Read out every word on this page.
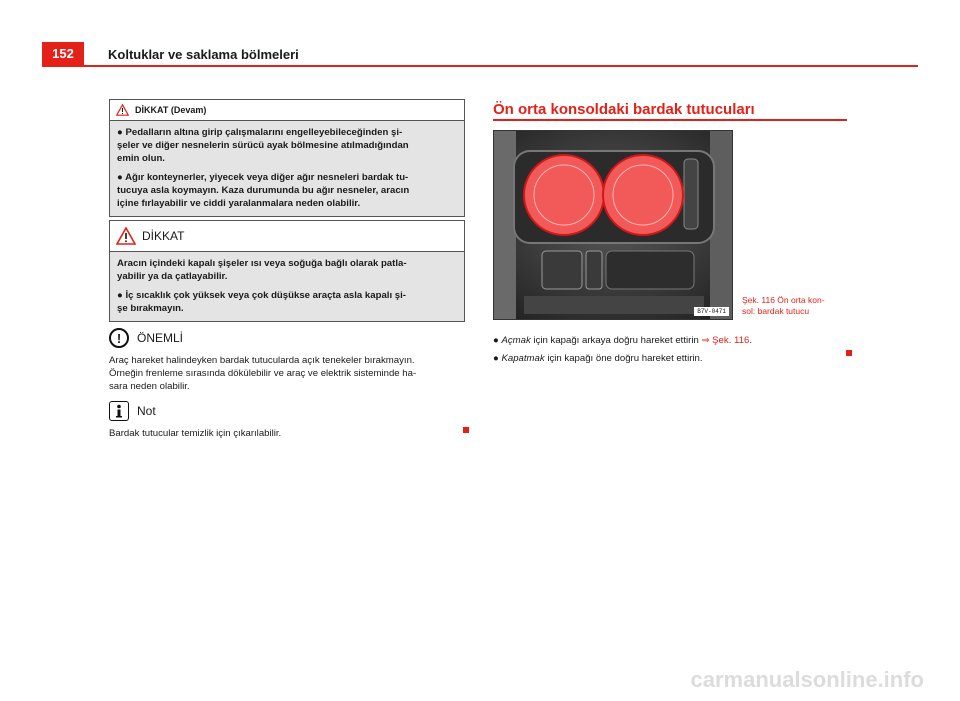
152	Koltuklar ve saklama bölmeleri
DİKKAT (Devam)

● Pedalların altına girip çalışmalarını engelleyebileceğinden şi-
şeler ve diğer nesnelerin sürücü ayak bölmesine atılmadığından
emin olun.

● Ağır konteynerler, yiyecek veya diğer ağır nesneleri bardak tu-
tucuya asla koymayın. Kaza durumunda bu ağır nesneler, aracın
içine fırlayabilir ve ciddi yaralanmalara neden olabilir.

DİKKAT

Aracın içindeki kapalı şişeler ısı veya soğuğa bağlı olarak patla-
yabilir ya da çatlayabilir.

● İç sıcaklık çok yüksek veya çok düşükse araçta asla kapalı şi-
şe bırakmayın.

!	ÖNEMLİ
Araç hareket halindeyken bardak tutucularda açık tenekeler bırakmayın.
Örneğin frenleme sırasında dökülebilir ve araç ve elektrik sisteminde ha-
sara neden olabilir.
Not
Bardak tutucular temizlik için çıkarılabilir.
Ön orta konsoldaki bardak tutucuları
B7V-0471
Şek. 116 Ön orta kon-
sol: bardak tutucu

● Açmak için kapağı arkaya doğru hareket ettirin ⇒ Şek. 116.

● Kapatmak için kapağı öne doğru hareket ettirin.

carmanualsonline.info
